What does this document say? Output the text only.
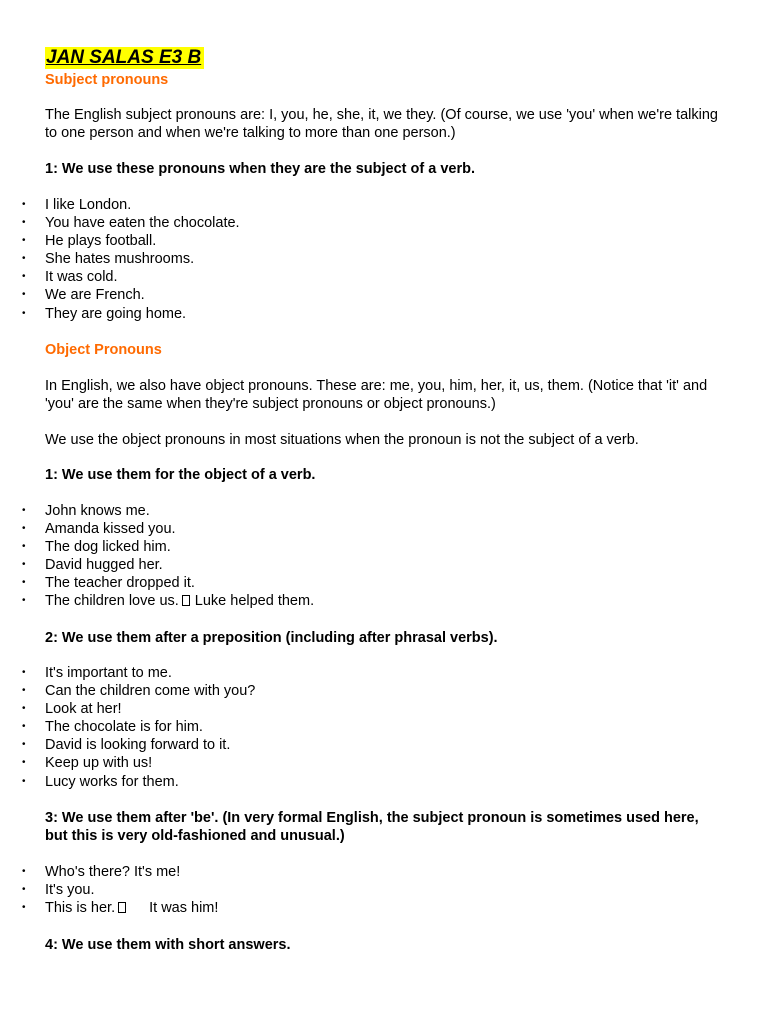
JAN SALAS E3 B
Subject pronouns
The English subject pronouns are: I, you, he, she, it, we they. (Of course, we use 'you' when we're talking to one person and when we're talking to more than one person.)
1: We use these pronouns when they are the subject of a verb.
• I like London.
• You have eaten the chocolate.
• He plays football.
• She hates mushrooms.
• It was cold.
• We are French.
• They are going home.
Object Pronouns
In English, we also have object pronouns. These are: me, you, him, her, it, us, them. (Notice that 'it' and 'you' are the same when they're subject pronouns or object pronouns.)
We use the object pronouns in most situations when the pronoun is not the subject of a verb.
1: We use them for the object of a verb.
• John knows me.
• Amanda kissed you.
• The dog licked him.
• David hugged her.
• The teacher dropped it.
• The children love us. Luke helped them.
2: We use them after a preposition (including after phrasal verbs).
• It's important to me.
• Can the children come with you?
• Look at her!
• The chocolate is for him.
• David is looking forward to it.
• Keep up with us!
• Lucy works for them.
3: We use them after 'be'. (In very formal English, the subject pronoun is sometimes used here, but this is very old-fashioned and unusual.)
• Who's there? It's me!
• It's you.
• This is her. It was him!
4: We use them with short answers.
